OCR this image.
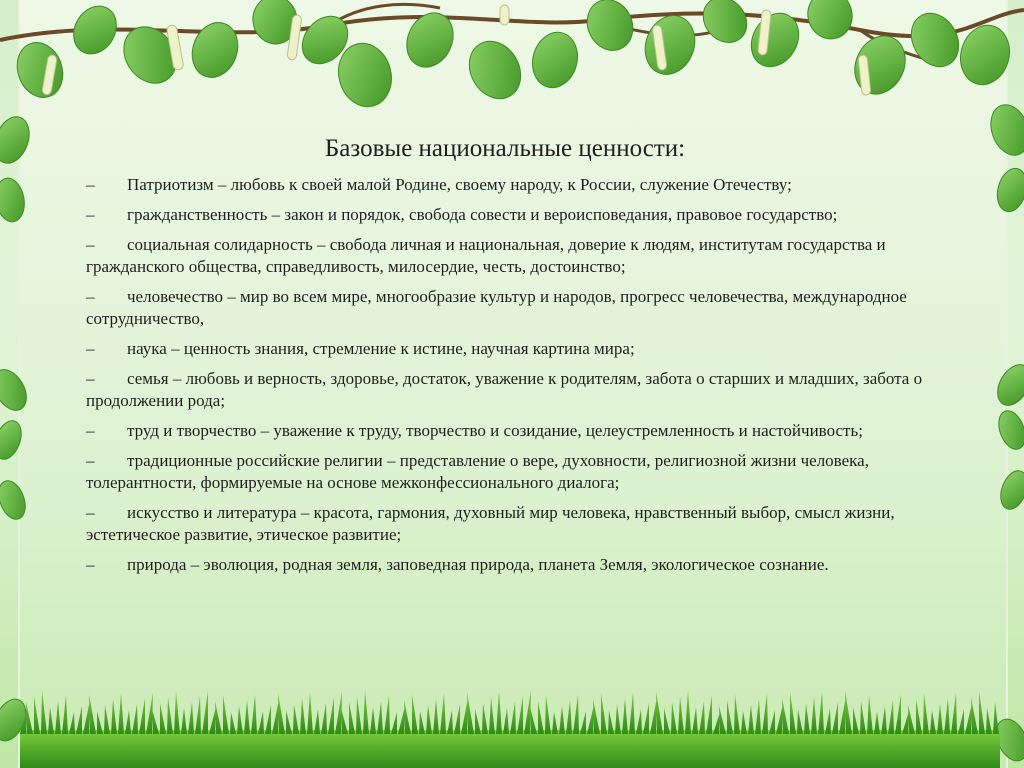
Базовые национальные ценности:
– Патриотизм – любовь к своей малой Родине, своему народу, к России, служение Отечеству;
– гражданственность – закон и порядок, свобода совести и вероисповедания, правовое государство;
– социальная солидарность – свобода личная и национальная, доверие к людям, институтам государства и гражданского общества, справедливость, милосердие, честь, достоинство;
– человечество – мир во всем мире, многообразие культур и народов, прогресс человечества, международное сотрудничество,
– наука – ценность знания, стремление к истине, научная картина мира;
– семья – любовь и верность, здоровье, достаток, уважение к родителям, забота о старших и младших, забота о продолжении рода;
– труд и творчество – уважение к труду, творчество и созидание, целеустремленность и настойчивость;
– традиционные российские религии – представление о вере, духовности, религиозной жизни человека, толерантности, формируемые на основе межконфессионального диалога;
– искусство и литература – красота, гармония, духовный мир человека, нравственный выбор, смысл жизни, эстетическое развитие, этическое развитие;
– природа – эволюция, родная земля, заповедная природа, планета Земля, экологическое сознание.
